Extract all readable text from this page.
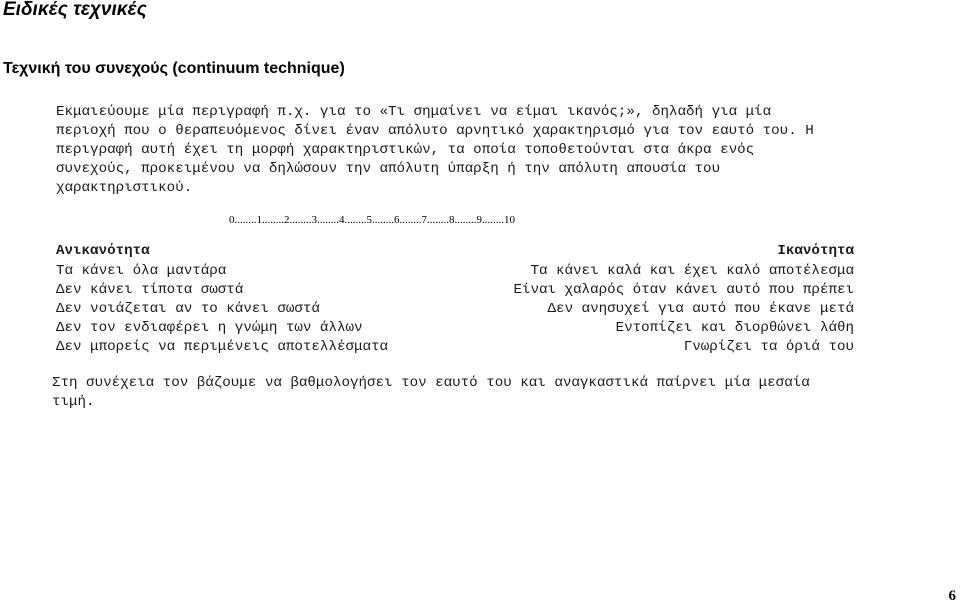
Ειδικές τεχνικές
Τεχνική του συνεχούς (continuum technique)
Εκμαιεύουμε μία περιγραφή π.χ. για το «Τι σημαίνει να είμαι ικανός;», δηλαδή για μία
περιοχή που ο θεραπευόμενος δίνει έναν απόλυτο αρνητικό χαρακτηρισμό για τον εαυτό του. Η
περιγραφή αυτή έχει τη μορφή χαρακτηριστικών, τα οποία τοποθετούνται στα άκρα ενός
συνεχούς, προκειμένου να δηλώσουν την απόλυτη ύπαρξη ή την απόλυτη απουσία του
χαρακτηριστικού.
0........1........2........3........4........5........6........7........8........9........10
Ανικανότητα	Ικανότητα
Τα κάνει όλα μαντάρα
Δεν κάνει τίποτα σωστά
Δεν νοιάζεται αν το κάνει σωστά
Δεν τον ενδιαφέρει η γνώμη των άλλων
Δεν μπορείς να περιμένεις αποτελλέσματα
Τα κάνει καλά και έχει καλό αποτέλεσμα
Είναι χαλαρός όταν κάνει αυτό που πρέπει
Δεν ανησυχεί για αυτό που έκανε μετά
Εντοπίζει και διορθώνει λάθη
Γνωρίζει τα όριά του
Στη συνέχεια τον βάζουμε να βαθμολογήσει τον εαυτό του και αναγκαστικά παίρνει μία μεσαία
τιμή.
6
